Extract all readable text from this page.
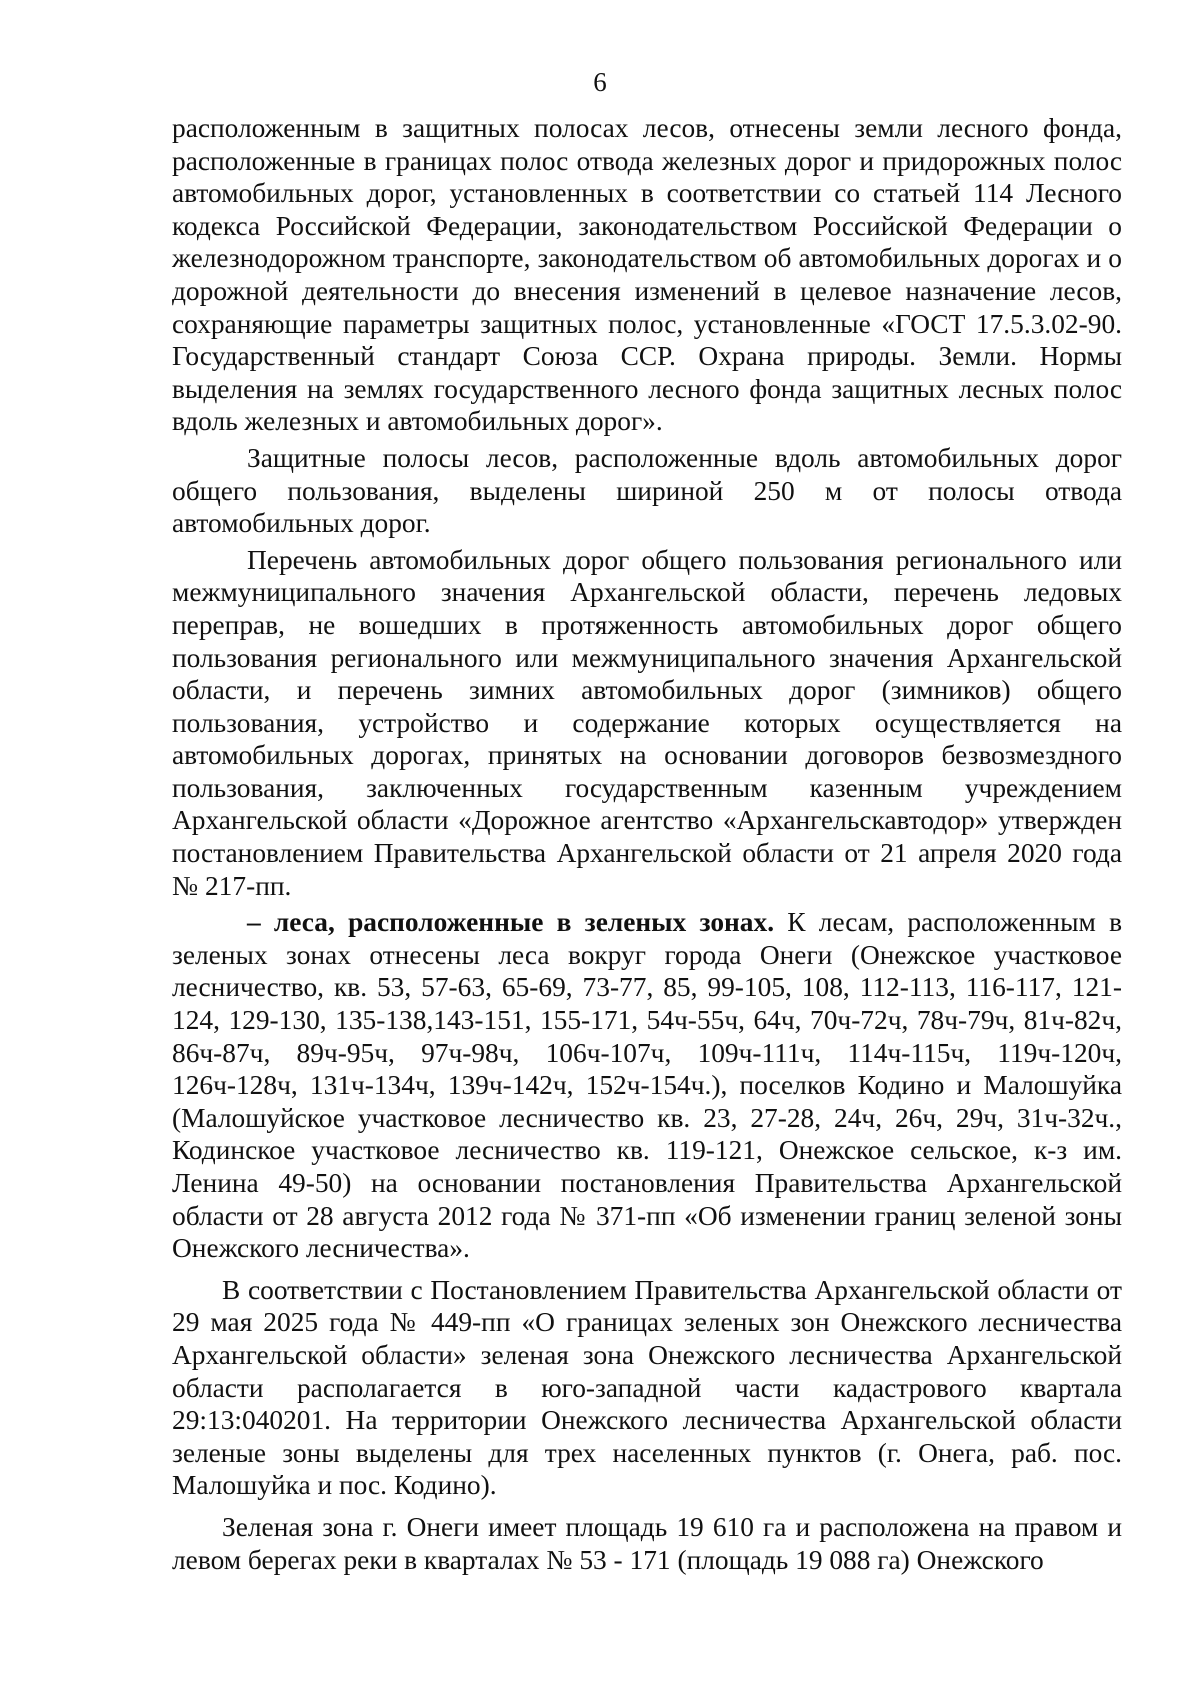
6

расположенным в защитных полосах лесов, отнесены земли лесного фонда, расположенные в границах полос отвода железных дорог и придорожных полос автомобильных дорог, установленных в соответствии со статьей 114 Лесного кодекса Российской Федерации, законодательством Российской Федерации о железнодорожном транспорте, законодательством об автомобильных дорогах и о дорожной деятельности до внесения изменений в целевое назначение лесов, сохраняющие параметры защитных полос, установленные «ГОСТ 17.5.3.02-90. Государственный стандарт Союза ССР. Охрана природы. Земли. Нормы выделения на землях государственного лесного фонда защитных лесных полос вдоль железных и автомобильных дорог».

Защитные полосы лесов, расположенные вдоль автомобильных дорог общего пользования, выделены шириной 250 м от полосы отвода автомобильных дорог.

Перечень автомобильных дорог общего пользования регионального или межмуниципального значения Архангельской области, перечень ледовых переправ, не вошедших в протяженность автомобильных дорог общего пользования регионального или межмуниципального значения Архангельской области, и перечень зимних автомобильных дорог (зимников) общего пользования, устройство и содержание которых осуществляется на автомобильных дорогах, принятых на основании договоров безвозмездного пользования, заключенных государственным казенным учреждением Архангельской области «Дорожное агентство «Архангельскавтодор» утвержден постановлением Правительства Архангельской области от 21 апреля 2020 года № 217-пп.

– леса, расположенные в зеленых зонах. К лесам, расположенным в зеленых зонах отнесены леса вокруг города Онеги (Онежское участковое лесничество, кв. 53, 57-63, 65-69, 73-77, 85, 99-105, 108, 112-113, 116-117, 121-124, 129-130, 135-138,143-151, 155-171, 54ч-55ч, 64ч, 70ч-72ч, 78ч-79ч, 81ч-82ч, 86ч-87ч, 89ч-95ч, 97ч-98ч, 106ч-107ч, 109ч-111ч, 114ч-115ч, 119ч-120ч, 126ч-128ч, 131ч-134ч, 139ч-142ч, 152ч-154ч.), поселков Кодино и Малошуйка (Малошуйское участковое лесничество кв. 23, 27-28, 24ч, 26ч, 29ч, 31ч-32ч., Кодинское участковое лесничество кв. 119-121, Онежское сельское, к-з им. Ленина 49-50) на основании постановления Правительства Архангельской области от 28 августа 2012 года № 371-пп «Об изменении границ зеленой зоны Онежского лесничества».

В соответствии с Постановлением Правительства Архангельской области от 29 мая 2025 года № 449-пп «О границах зеленых зон Онежского лесничества Архангельской области» зеленая зона Онежского лесничества Архангельской области располагается в юго-западной части кадастрового квартала 29:13:040201. На территории Онежского лесничества Архангельской области зеленые зоны выделены для трех населенных пунктов (г. Онега, раб. пос. Малошуйка и пос. Кодино).

Зеленая зона г. Онеги имеет площадь 19 610 га и расположена на правом и левом берегах реки в кварталах № 53 - 171 (площадь 19 088 га) Онежского
